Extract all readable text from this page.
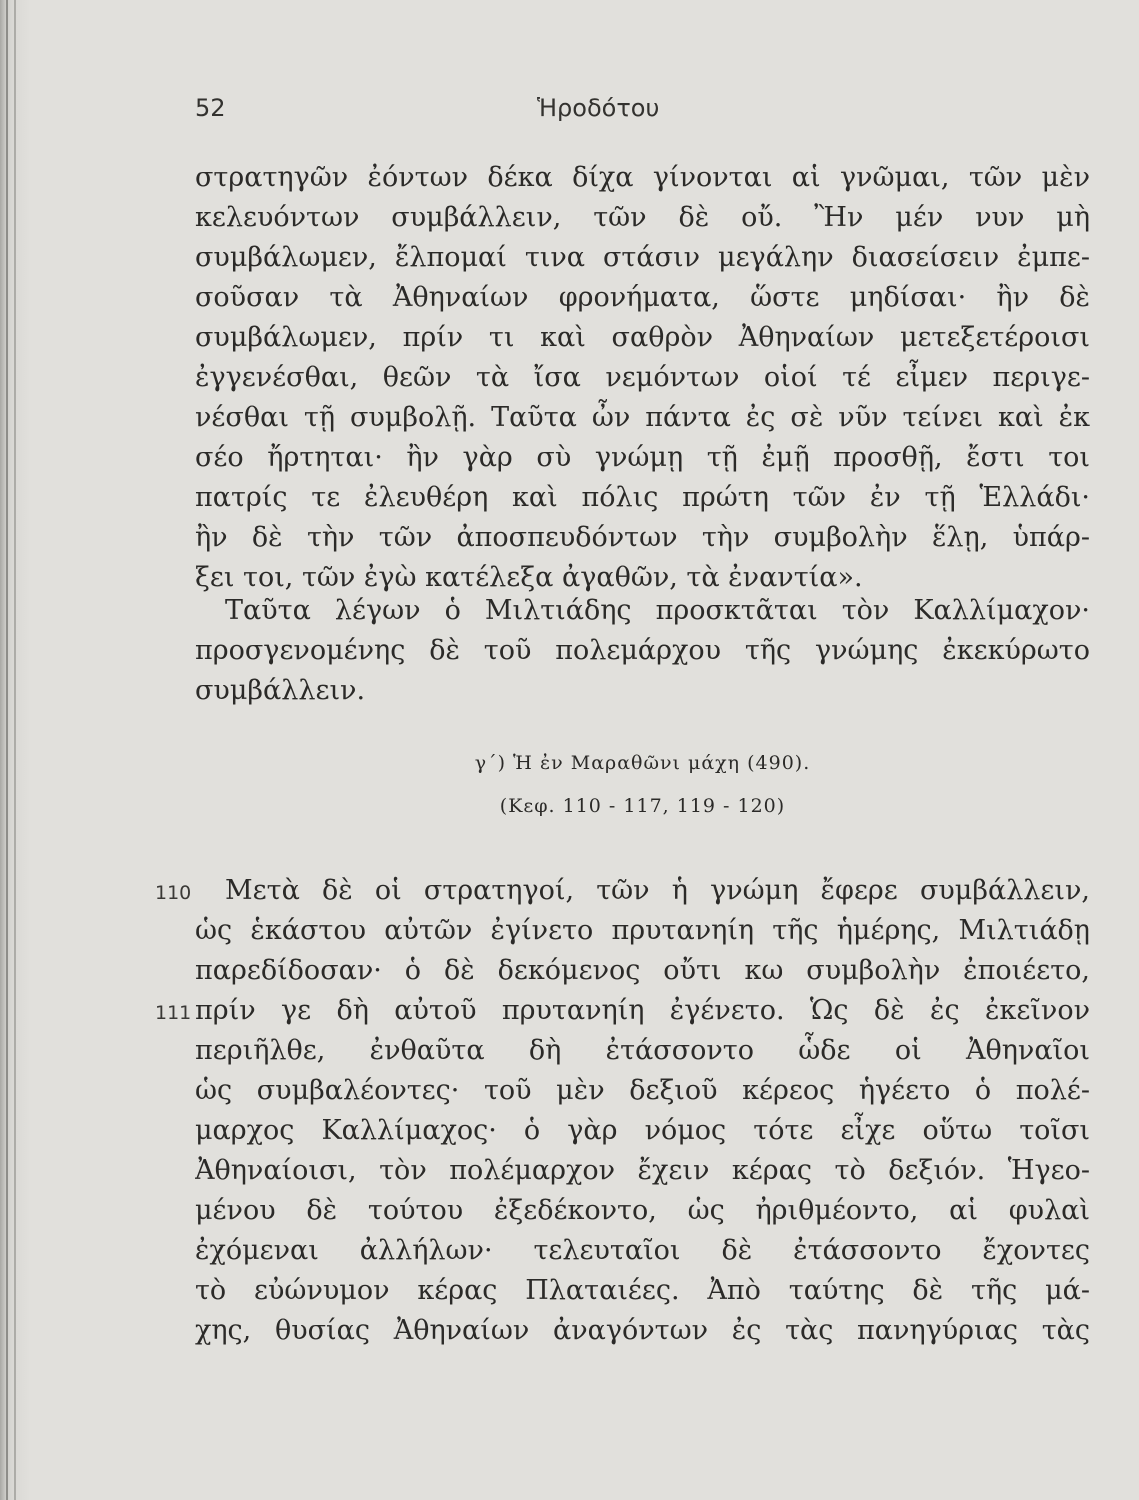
52	Ἡροδότου
στρατηγῶν ἐόντων δέκα δίχα γίνονται αἱ γνῶμαι, τῶν μὲν
κελευόντων συμβάλλειν, τῶν δὲ οὔ. Ἢν μέν νυν μὴ
συμβάλωμεν, ἔλπομαί τινα στάσιν μεγάλην διασείσειν ἐμπε-
σοῦσαν τὰ Ἀθηναίων φρονήματα, ὥστε μηδίσαι· ἢν δὲ
συμβάλωμεν, πρίν τι καὶ σαθρὸν Ἀθηναίων μετεξετέροισι
ἐγγενέσθαι, θεῶν τὰ ἴσα νεμόντων οἱοί τέ εἶμεν περιγε-
νέσθαι τῇ συμβολῇ. Ταῦτα ὦν πάντα ἐς σὲ νῦν τείνει καὶ ἐκ
σέο ἤρτηται· ἢν γὰρ σὺ γνώμῃ τῇ ἐμῇ προσθῇ, ἔστι τοι
πατρίς τε ἐλευθέρη καὶ πόλις πρώτη τῶν ἐν τῇ Ἑλλάδι·
ἢν δὲ τὴν τῶν ἀποσπευδόντων τὴν συμβολὴν ἕλῃ, ὑπάρ-
ξει τοι, τῶν ἐγὼ κατέλεξα ἀγαθῶν, τὰ ἐναντία».
Ταῦτα λέγων ὁ Μιλτιάδης προσκτᾶται τὸν Καλλίμαχον·
προσγενομένης δὲ τοῦ πολεμάρχου τῆς γνώμης ἐκεκύρωτο
συμβάλλειν.
γ΄) Ἡ ἐν Μαραθῶνι μάχη (490).
(Κεφ. 110 - 117, 119 - 120)
110
111
Μετὰ δὲ οἱ στρατηγοί, τῶν ἡ γνώμη ἔφερε συμβάλλειν,
ὡς ἑκάστου αὐτῶν ἐγίνετο πρυτανηίη τῆς ἡμέρης, Μιλτιάδῃ
παρεδίδοσαν· ὁ δὲ δεκόμενος οὔτι κω συμβολὴν ἐποιέετο,
πρίν γε δὴ αὐτοῦ πρυτανηίη ἐγένετο. Ὡς δὲ ἐς ἐκεῖνον
περιῆλθε, ἐνθαῦτα δὴ ἐτάσσοντο ὧδε οἱ Ἀθηναῖοι
ὡς συμβαλέοντες· τοῦ μὲν δεξιοῦ κέρεος ἡγέετο ὁ πολέ-
μαρχος Καλλίμαχος· ὁ γὰρ νόμος τότε εἶχε οὕτω τοῖσι
Ἀθηναίοισι, τὸν πολέμαρχον ἔχειν κέρας τὸ δεξιόν. Ἡγεο-
μένου δὲ τούτου ἐξεδέκοντο, ὡς ἠριθμέοντο, αἱ φυλαὶ
ἐχόμεναι ἀλλήλων· τελευταῖοι δὲ ἐτάσσοντο ἔχοντες
τὸ εὐώνυμον κέρας Πλαταιέες. Ἀπὸ ταύτης δὲ τῆς μά-
χης, θυσίας Ἀθηναίων ἀναγόντων ἐς τὰς πανηγύριας τὰς
